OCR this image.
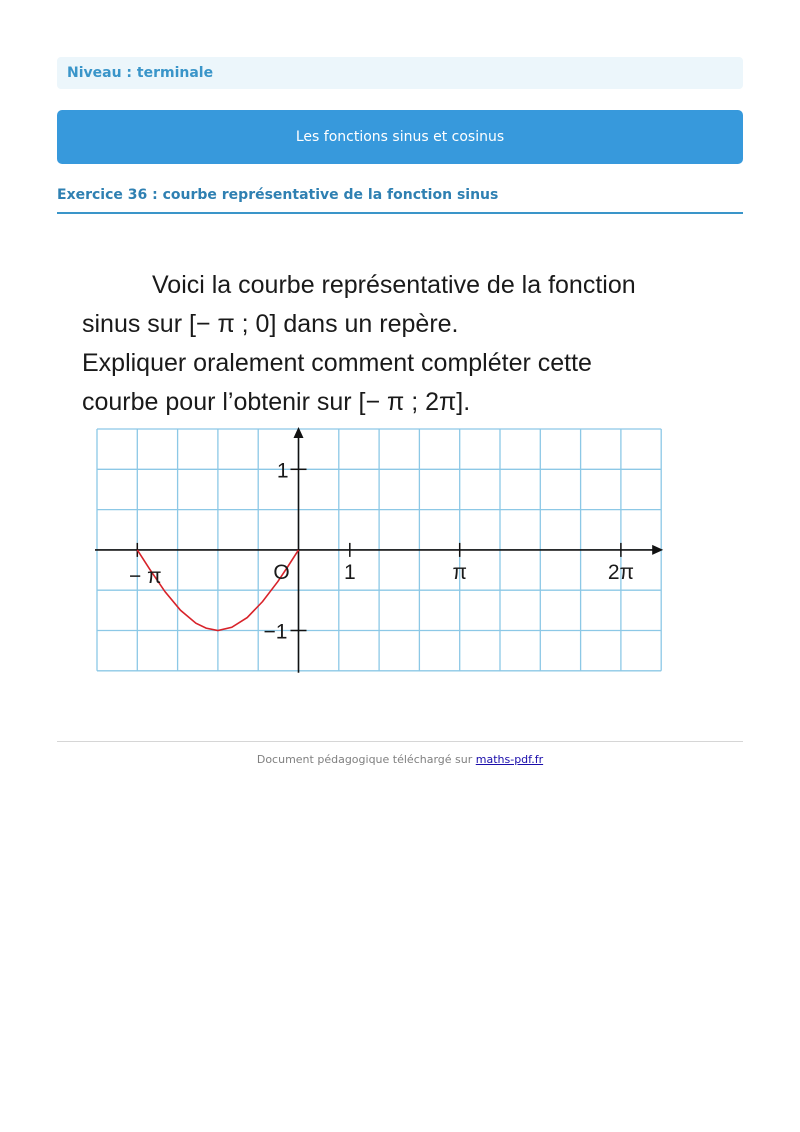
Niveau : terminale
Les fonctions sinus et cosinus
Exercice 36 : courbe représentative de la fonction sinus
Voici la courbe représentative de la fonction
sinus sur [− π ; 0] dans un repère.
Expliquer oralement comment compléter cette
courbe pour l’obtenir sur [− π ; 2π].
− π	O	1	π	2π
1
−1
Document pédagogique téléchargé sur maths-pdf.fr
